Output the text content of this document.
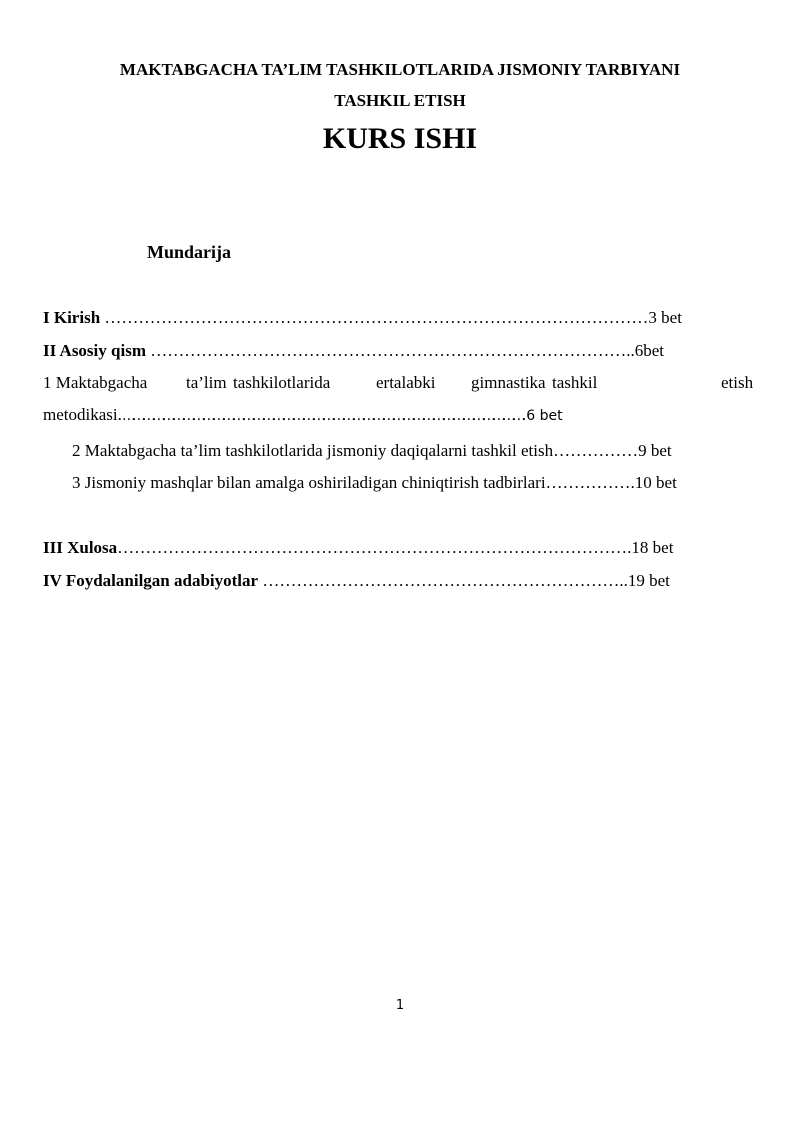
MAKTABGACHA TA’LIM TASHKILOTLARIDA JISMONIY TARBIYANI
TASHKIL ETISH
KURS ISHI
Mundarija
I Kirish ……………………………………………………………………………………3 bet
II Asosiy qism …………………………………………………………………………..6bet
1 Maktabgacha ta’lim tashkilotlarida	ertalabki gimnastika tashkil	etish
metodikasi.………………………………………………………………………………………………………….6 bet
2 Maktabgacha ta’lim tashkilotlarida jismoniy daqiqalarni tashkil etish……………9 bet
3 Jismoniy mashqlar bilan amalga oshiriladigan chiniqtirish tadbirlari…………….10 bet
III Xulosa……………………………………………………………………………….18 bet
IV Foydalanilgan adabiyotlar ………………………………………………………..19 bet
1
